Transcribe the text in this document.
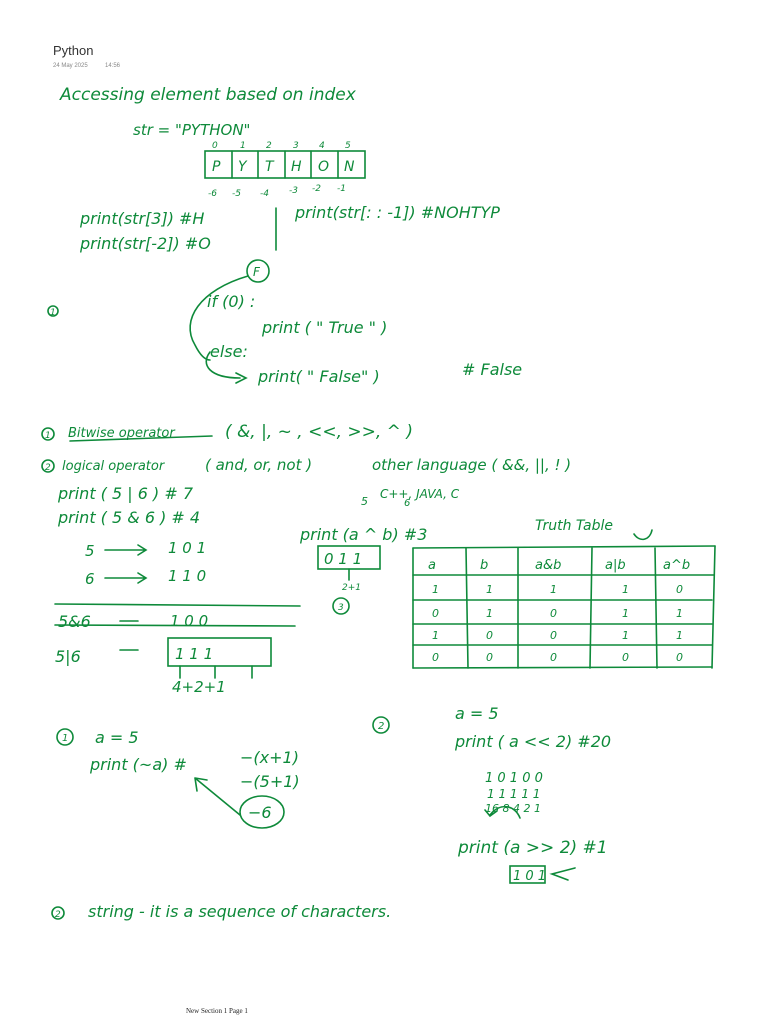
Python
24 May 2025	14:56
Accessing element based on index
str = "PYTHON"
0 1 2 3 4 5
P Y T H O N
-6 -5 -4 -3 -2 -1
print(str[3]) #H
print(str[-2]) #O
print(str[: : -1]) #NOHTYP
1
F
if (0) :
print ( " True " )
else:
print( " False" )	# False
1 Bitwise operator	( &, |, ~ , <<, >>, ^ )
2 logical operator	( and, or, not )	other language ( &&, ||, ! )
C++, JAVA, C
print ( 5 | 6 ) # 7
print ( 5 & 6 ) # 4
5	6
print (a ^ b) #3
5	1 0 1
6	1 1 0
5&6	1 0 0
5|6	1 1 1
4+2+1
0 1 1
2+1
3
Truth Table
a	b	a&b	a|b	a^b
1	1	1	1	0
0	1	0	1	1
1	0	0	1	1
0	0	0	0	0
1 a = 5
print (~a) #	−(x+1)
−(5+1)
−6
2
a = 5
print ( a << 2) #20
1 0 1 0 0
1 1 1 1 1
16 8 4 2 1
print (a >> 2) #1
1 0 1
2 string - it is a sequence of characters.
New Section 1 Page 1
